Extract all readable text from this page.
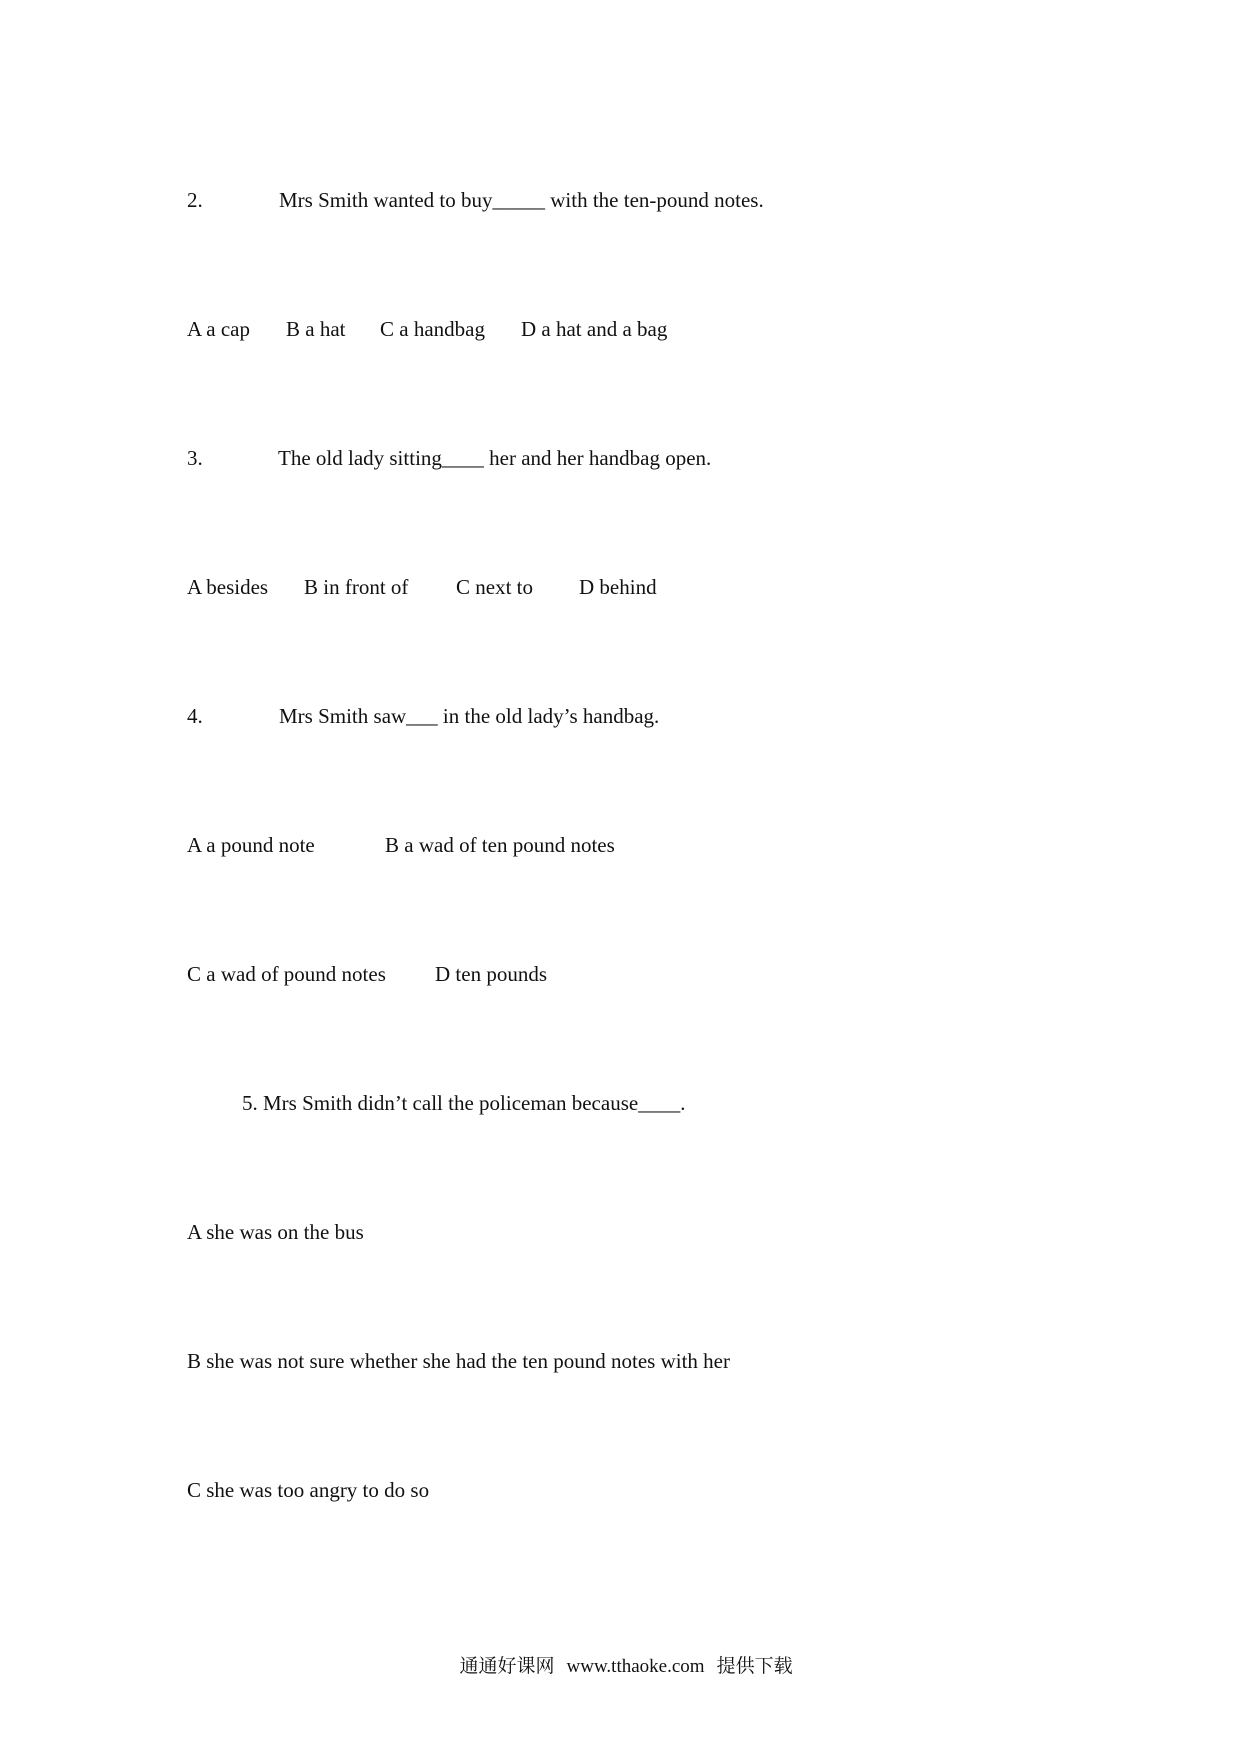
2.	Mrs Smith wanted to buy_____ with the ten-pound notes.
A a cap B a hat C a handbag D a hat and a bag
3.	The old lady sitting____ her and her handbag open.
A besides B in front of C next to D behind
4.	Mrs Smith saw___ in the old lady’s handbag.
A a pound note	B a wad of ten pound notes
C a wad of pound notes D ten pounds
5. Mrs Smith didn’t call the policeman because____.
A she was on the bus
B she was not sure whether she had the ten pound notes with her
C she was too angry to do so

通通好课网 www.tthaoke.com 提供下载
